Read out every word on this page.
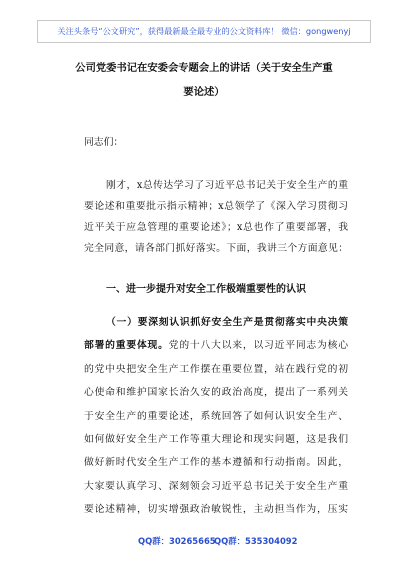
关注头条号“公文研究”，获得最新最全最专业的公文资料库！ 微信：gongwenyj
公司党委书记在安委会专题会上的讲话（关于安全生产重
要论述）
同志们：
刚才，x总传达学习了习近平总书记关于安全生产的重
要论述和重要批示指示精神；x总领学了《深入学习贯彻习
近平关于应急管理的重要论述》；x总也作了重要部署，我
完全同意，请各部门抓好落实。下面，我讲三个方面意见：
一、进一步提升对安全工作极端重要性的认识
（一）要深刻认识抓好安全生产是贯彻落实中央决策
部署的重要体现。党的十八大以来，以习近平同志为核心
的党中央把安全生产工作摆在重要位置，站在践行党的初
心使命和维护国家长治久安的政治高度，提出了一系列关
于安全生产的重要论述，系统回答了如何认识安全生产、
如何做好安全生产工作等重大理论和现实问题，这是我们
做好新时代安全生产工作的基本遵循和行动指南。因此，
大家要认真学习、深刻领会习近平总书记关于安全生产重
要论述精神，切实增强政治敏锐性，主动担当作为，压实
QQ群：30265665
QQ群：535304092
